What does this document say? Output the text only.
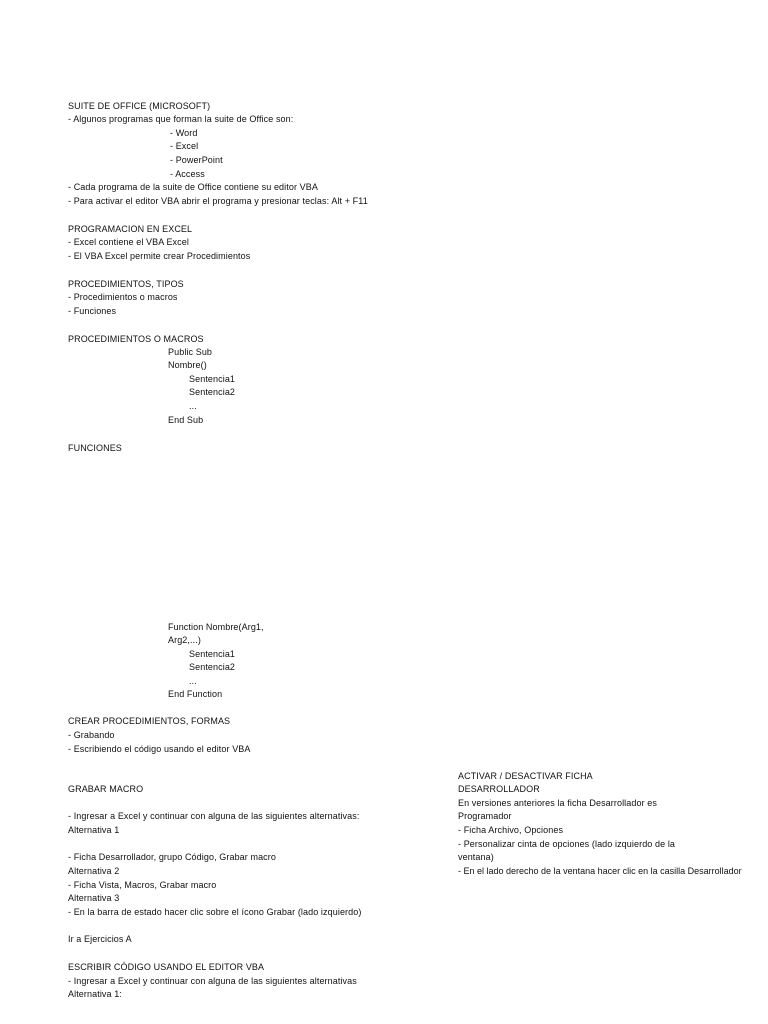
SUITE DE OFFICE (MICROSOFT)
- Algunos programas que forman la suite de Office son:
- Word
- Excel
- PowerPoint
- Access
- Cada programa de la suite de Office contiene su editor VBA
- Para activar el editor VBA abrir el programa y presionar teclas: Alt + F11
PROGRAMACION EN EXCEL
- Excel contiene el VBA Excel
- El VBA Excel permite crear Procedimientos
PROCEDIMIENTOS, TIPOS
- Procedimientos o macros
- Funciones
PROCEDIMIENTOS O MACROS
Public Sub
Nombre()
Sentencia1
Sentencia2
...
End Sub
FUNCIONES
Function Nombre(Arg1,
Arg2,...)
Sentencia1
Sentencia2
...
End Function
CREAR PROCEDIMIENTOS, FORMAS
- Grabando
- Escribiendo el código usando el editor VBA
GRABAR MACRO
- Ingresar a Excel y continuar con alguna de las siguientes alternativas:
Alternativa 1
- Ficha Desarrollador, grupo Código, Grabar macro
Alternativa 2
- Ficha Vista, Macros, Grabar macro
Alternativa 3
- En la barra de estado hacer clic sobre el ícono Grabar (lado izquierdo)
Ir a Ejercicios A
ESCRIBIR CÓDIGO USANDO EL EDITOR VBA
- Ingresar a Excel y continuar con alguna de las siguientes alternativas
Alternativa 1:
ACTIVAR / DESACTIVAR FICHA
DESARROLLADOR
En versiones anteriores la ficha Desarrollador es
Programador
- Ficha Archivo, Opciones
- Personalizar cinta de opciones (lado izquierdo de la
ventana)
- En el lado derecho de la ventana hacer clic en la casilla Desarrollador
